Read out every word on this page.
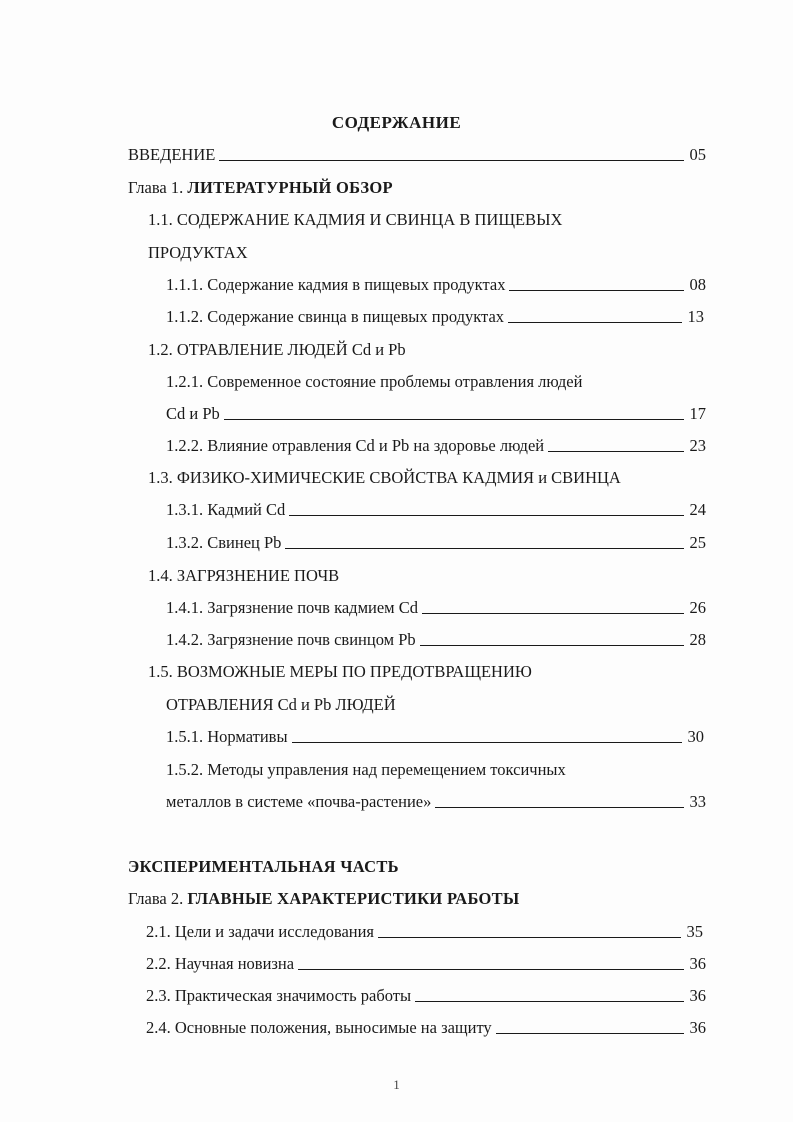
СОДЕРЖАНИЕ
ВВЕДЕНИЕ	05
Глава 1. ЛИТЕРАТУРНЫЙ ОБЗОР
1.1. СОДЕРЖАНИЕ КАДМИЯ И СВИНЦА В ПИЩЕВЫХ
ПРОДУКТАХ
1.1.1. Содержание кадмия в пищевых продуктах	08
1.1.2. Содержание свинца в пищевых продуктах	13
1.2. ОТРАВЛЕНИЕ ЛЮДЕЙ Cd и Pb
1.2.1. Современное состояние проблемы отравления людей
Cd и Pb	17
1.2.2. Влияние отравления Cd и Pb на здоровье людей	23
1.3. ФИЗИКО-ХИМИЧЕСКИЕ СВОЙСТВА КАДМИЯ и СВИНЦА
1.3.1. Кадмий Cd	24
1.3.2. Свинец Pb	25
1.4. ЗАГРЯЗНЕНИЕ ПОЧВ
1.4.1. Загрязнение почв кадмием Cd	26
1.4.2. Загрязнение почв свинцом Pb	28
1.5. ВОЗМОЖНЫЕ МЕРЫ ПО ПРЕДОТВРАЩЕНИЮ
ОТРАВЛЕНИЯ Cd и Pb ЛЮДЕЙ
1.5.1. Нормативы	30
1.5.2. Методы управления над перемещением токсичных
металлов в системе «почва-растение»	33
ЭКСПЕРИМЕНТАЛЬНАЯ ЧАСТЬ
Глава 2. ГЛАВНЫЕ ХАРАКТЕРИСТИКИ РАБОТЫ
2.1. Цели и задачи исследования	35
2.2. Научная новизна	36
2.3. Практическая значимость работы	36
2.4. Основные положения, выносимые на защиту	36
1
